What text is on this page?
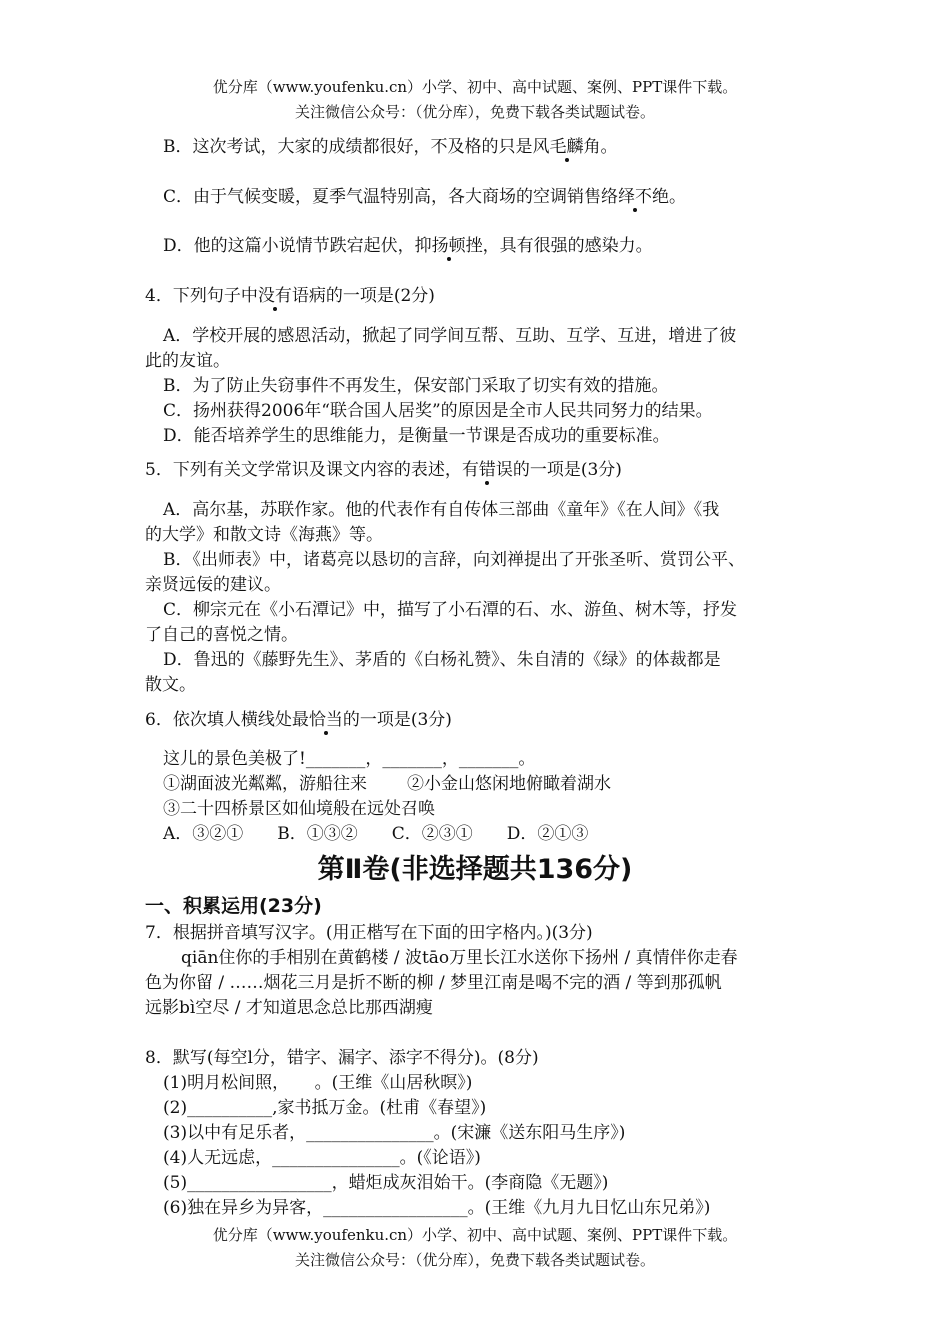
优分库（www.youfenku.cn）小学、初中、高中试题、案例、PPT课件下载。
关注微信公众号：（优分库），免费下载各类试题试卷。
B．这次考试，大家的成绩都很好，不及格的只是风毛麟角。
C．由于气候变暖，夏季气温特别高，各大商场的空调销售络绎不绝。
D．他的这篇小说情节跌宕起伏，抑扬顿挫，具有很强的感染力。
4．下列句子中没有语病的一项是(2分)
A．学校开展的感恩活动，掀起了同学间互帮、互助、互学、互进，增进了彼
此的友谊。
B．为了防止失窃事件不再发生，保安部门采取了切实有效的措施。
C．扬州获得2006年“联合国人居奖”的原因是全市人民共同努力的结果。
D．能否培养学生的思维能力，是衡量一节课是否成功的重要标准。
5．下列有关文学常识及课文内容的表述，有错误的一项是(3分)
A．高尔基，苏联作家。他的代表作有自传体三部曲《童年》《在人间》《我
的大学》和散文诗《海燕》等。
B．《出师表》中，诸葛亮以恳切的言辞，向刘禅提出了开张圣听、赏罚公平、
亲贤远佞的建议。
C．柳宗元在《小石潭记》中，描写了小石潭的石、水、游鱼、树木等，抒发
了自己的喜悦之情。
D．鲁迅的《藤野先生》、茅盾的《白杨礼赞》、朱自清的《绿》的体裁都是
散文。
6．依次填人横线处最恰当的一项是(3分)
这儿的景色美极了!_______，_______，_______。
①湖面波光粼粼，游船往来 ②小金山悠闲地俯瞰着湖水
③二十四桥景区如仙境般在远处召唤
A．③②① B．①③② C．②③① D．②①③
第Ⅱ卷(非选择题共136分)
一、积累运用(23分)
7．根据拼音填写汉字。(用正楷写在下面的田字格内。)(3分)
qiān住你的手相别在黄鹤楼 / 波tāo万里长江水送你下扬州 / 真情伴你走春
色为你留 / ……烟花三月是折不断的柳 / 梦里江南是喝不完的酒 / 等到那孤帆
远影bì空尽 / 才知道思念总比那西湖瘦
8．默写(每空l分，错字、漏字、添字不得分)。(8分)
(1)明月松间照，　　。(王维《山居秋暝》)
(2)__________,家书抵万金。(杜甫《春望》)
(3)以中有足乐者，_______________。(宋濂《送东阳马生序》)
(4)人无远虑，_______________。(《论语》)
(5)_________________，蜡炬成灰泪始干。(李商隐《无题》)
(6)独在异乡为异客，_________________。(王维《九月九日忆山东兄弟》)
优分库（www.youfenku.cn）小学、初中、高中试题、案例、PPT课件下载。
关注微信公众号：（优分库），免费下载各类试题试卷。
